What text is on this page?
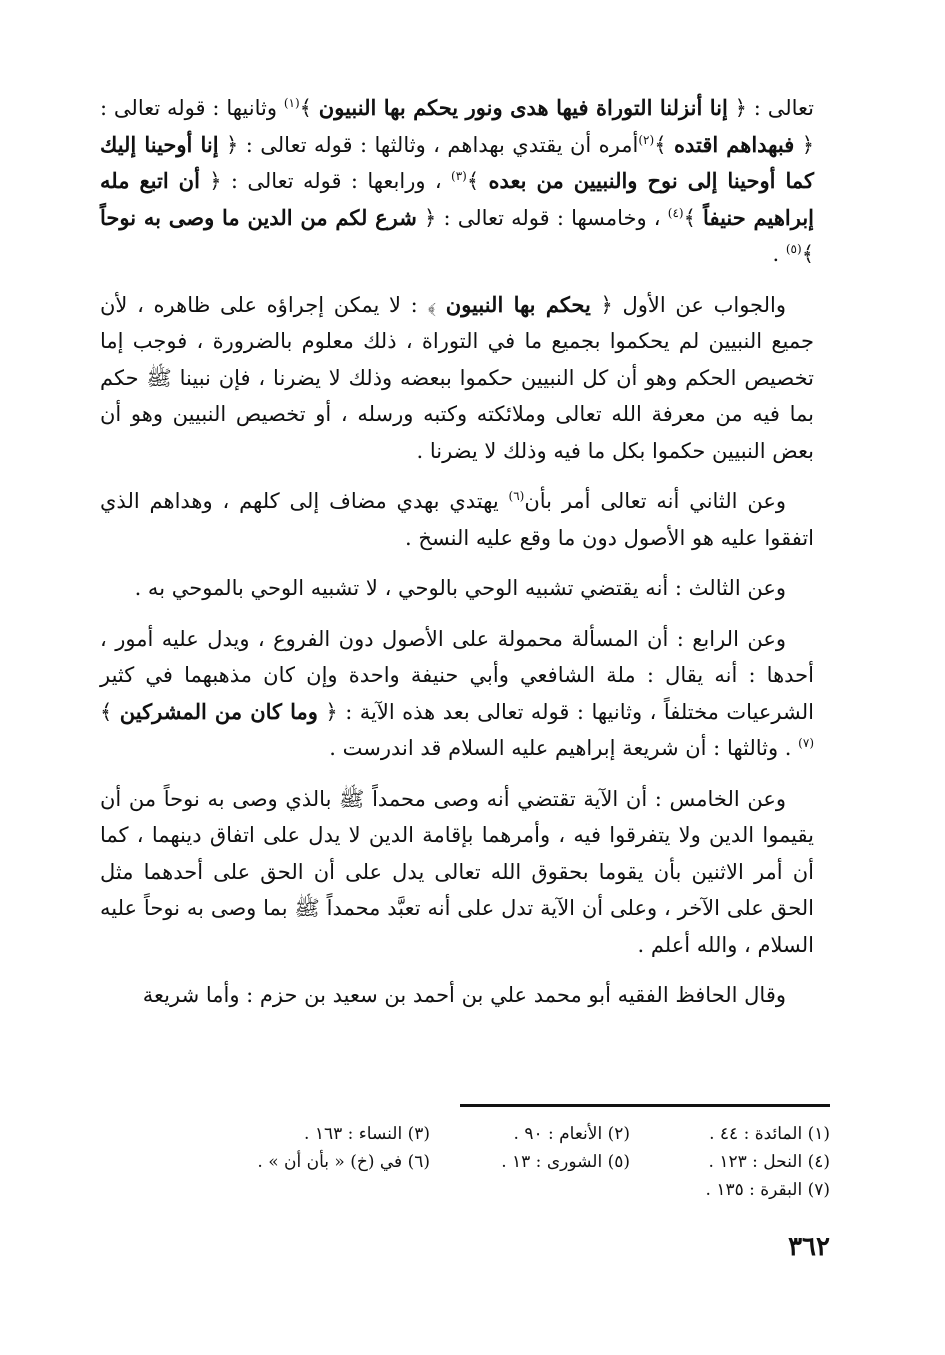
تعالى : ﴿ إنا أنزلنا التوراة فيها هدى ونور يحكم بها النبيون ﴾$^{(١)}$ وثانيها : قوله تعالى : ﴿ فبهداهم اقتده ﴾$^{(٢)}$أمره أن يقتدي بهداهم ، وثالثها : قوله تعالى : ﴿ إنا أوحينا إليك كما أوحينا إلى نوح والنبيين من بعده ﴾$^{(٣)}$ ، ورابعها : قوله تعالى : ﴿ أن اتبع مله إبراهيم حنيفاً ﴾$^{(٤)}$ ، وخامسها : قوله تعالى : ﴿ شرع لكم من الدين ما وصى به نوحاً ﴾$^{(٥)}$ .

والجواب عن الأول ﴿ يحكم بها النبيون ﴾ : لا يمكن إجراؤه على ظاهره ، لأن جميع النبيين لم يحكموا بجميع ما في التوراة ، ذلك معلوم بالضرورة ، فوجب إما تخصيص الحكم وهو أن كل النبيين حكموا ببعضه وذلك لا يضرنا ، فإن نبينا ﷺ حكم بما فيه من معرفة الله تعالى وملائكته وكتبه ورسله ، أو تخصيص النبيين وهو أن بعض النبيين حكموا بكل ما فيه وذلك لا يضرنا .

وعن الثاني أنه تعالى أمر بأن$^{(٦)}$ يهتدي بهدي مضاف إلى كلهم ، وهداهم الذي اتفقوا عليه هو الأصول دون ما وقع عليه النسخ .

وعن الثالث : أنه يقتضي تشبيه الوحي بالوحي ، لا تشبيه الوحي بالموحي به .

وعن الرابع : أن المسألة محمولة على الأصول دون الفروع ، ويدل عليه أمور ، أحدها : أنه يقال : ملة الشافعي وأبي حنيفة واحدة وإن كان مذهبهما في كثير الشرعيات مختلفاً ، وثانيها : قوله تعالى بعد هذه الآية : ﴿ وما كان من المشركين ﴾$^{(٧)}$ . وثالثها : أن شريعة إبراهيم عليه السلام قد اندرست .

وعن الخامس : أن الآية تقتضي أنه وصى محمداً ﷺ بالذي وصى به نوحاً من أن يقيموا الدين ولا يتفرقوا فيه ، وأمرهما بإقامة الدين لا يدل على اتفاق دينهما ، كما أن أمر الاثنين بأن يقوما بحقوق الله تعالى يدل على أن الحق على أحدهما مثل الحق على الآخر ، وعلى أن الآية تدل على أنه تعبَّد محمداً ﷺ بما وصى به نوحاً عليه السلام ، والله أعلم .

وقال الحافظ الفقيه أبو محمد علي بن أحمد بن سعيد بن حزم : وأما شريعة

(١) المائدة : ٤٤ .
(٢) الأنعام : ٩٠ .
(٣) النساء : ١٦٣ .
(٤) النحل : ١٢٣ .
(٥) الشورى : ١٣ .
(٦) في (خ) « بأن أن » .
(٧) البقرة : ١٣٥ .
٣٦٢
